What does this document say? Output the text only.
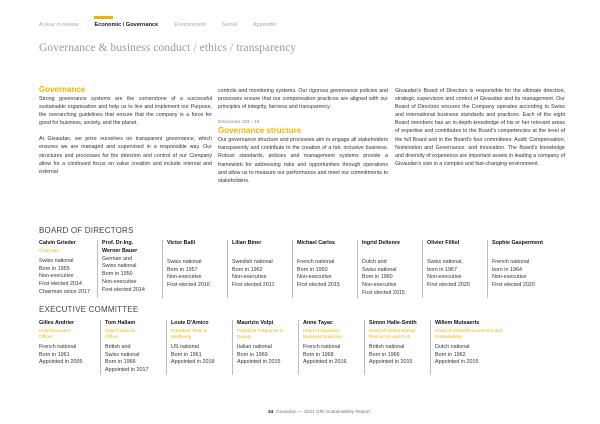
A year in review	Economic / Governance	Environment	Social	Appendix
Governance & business conduct / ethics / transparency
Governance

Strong governance systems are the cornerstone of a successful sustainable organisation and help us to live and implement our Purpose, the overarching guidelines that ensure that the company is a force for good for business, society, and the planet.

At Givaudan, we prize ourselves on transparent governance, which ensures we are managed and supervised in a responsible way. Our structures and processes for the direction and control of our Company allow for a continued focus on value creation and include internal and external

controls and monitoring systems. Our rigorous governance policies and processes ensure that our compensation practices are aligned with our principles of integrity, fairness and transparency.

Disclosure 102 - 18
Governance structure

Our governance structure and processes aim to engage all stakeholders transparently and contribute to the creation of a fair, inclusive business. Robust standards, policies and management systems provide a framework for addressing risks and opportunities through operations and allow us to measure our performance and meet our commitments to stakeholders.

Givaudan's Board of Directors is responsible for the ultimate direction, strategic supervision and control of Givaudan and its management. Our Board of Directors ensures the Company operates according to Swiss and international business standards and practices. Each of the eight Board members has an in-depth knowledge of his or her relevant areas of expertise and contributes to the Board's competencies at the level of the full Board and in the Board's four committees: Audit; Compensation; Nomination and Governance; and Innovation. The Board's knowledge and diversity of experience are important assets in leading a company of Givaudan's size in a complex and fast-changing environment.

BOARD OF DIRECTORS
Calvin Grieder
Chairman
Swiss national
Born in 1955
Non-executive
First elected 2014
Chairman since 2017
Prof. Dr-Ing. Werner Bauer
German and
Swiss national
Born in 1950
Non-executive
First elected 2014
Victor Balli
Swiss national
Born in 1957
Non-executive
First elected 2016
Lilian Biner
Swedish national
Born in 1962
Non-executive
First elected 2011
Michael Carlos
French national
Born in 1950
Non-executive
First elected 2015
Ingrid Deltenre
Dutch and
Swiss national
Born in 1960
Non-executive
First elected 2015
Olivier Filliol
Swiss national,
born in 1967
Non-executive
First elected 2020
Sophie Gasperment
French national
born in 1964
Non-executive
First elected 2020
EXECUTIVE COMMITTEE
Gilles Andrier
Chief Executive Officer
French national
Born in 1961
Appointed in 2005
Tom Hallam
Chief Financial Officer
British and
Swiss national
Born in 1966
Appointed in 2017
Louie D'Amico
President Taste & Wellbeing
US national
Born in 1961
Appointed in 2018
Maurizio Volpi
President Fragrance & Beauty
Italian national
Born in 1969
Appointed in 2015
Anne Tayac
Head of Givaudan Business Solutions
French national
Born in 1968
Appointed in 2016
Simon Halle-Smith
Head of Global Human Resources and EHS
British national
Born in 1966
Appointed in 2015
Willem Mutsaerts
Head of Global Procurement and Sustainability
Dutch national
Born in 1962
Appointed in 2015
34 Givaudan — 2021 GRI Sustainability Report
